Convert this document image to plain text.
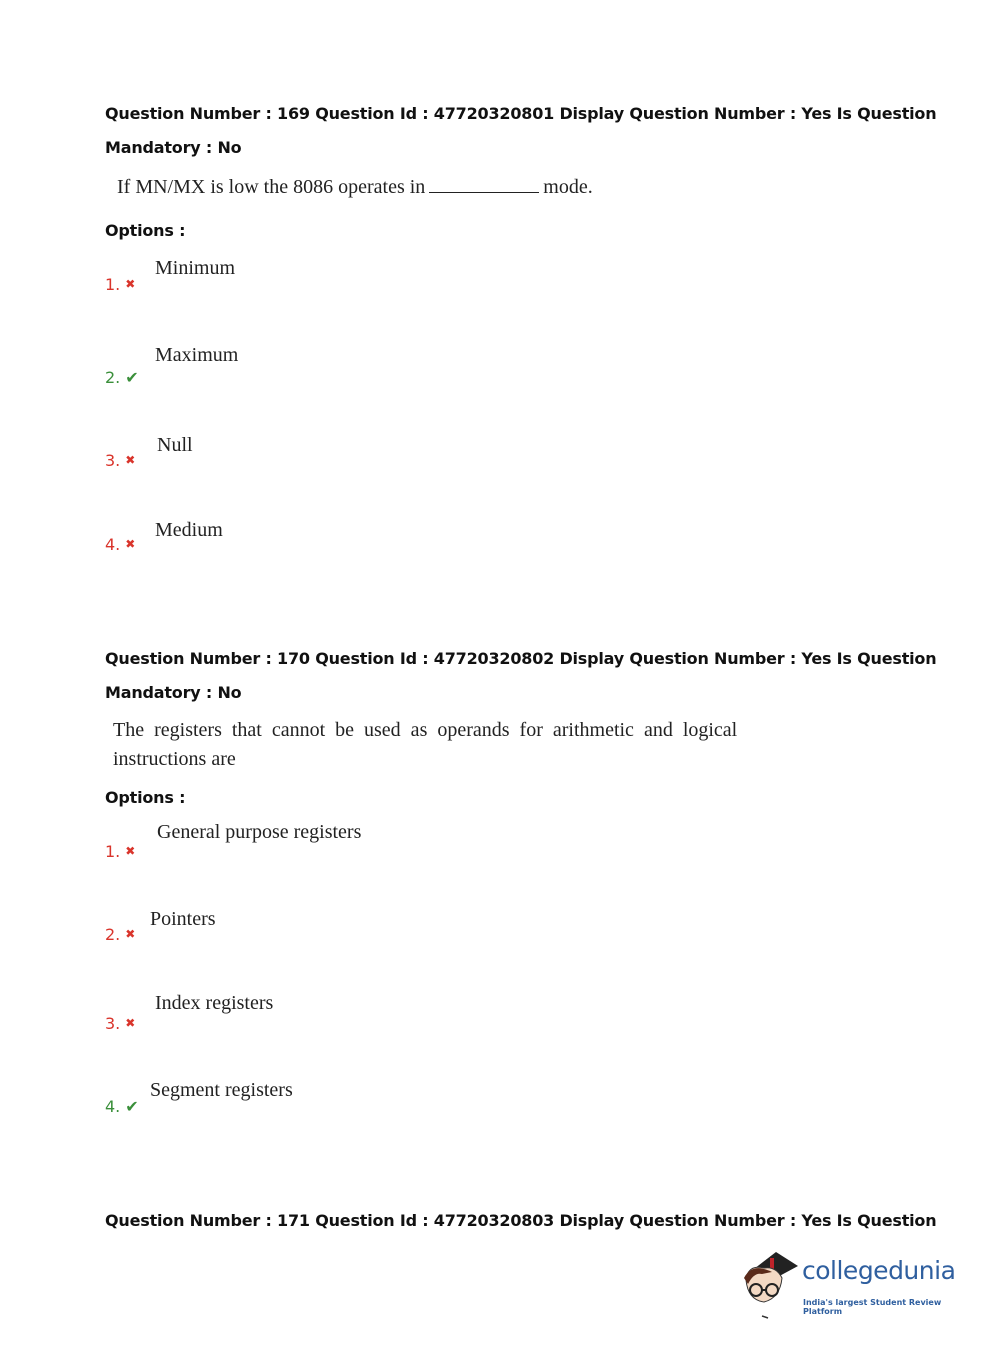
Question Number : 169 Question Id : 47720320801 Display Question Number : Yes Is Question
Mandatory : No
If MN/MX is low the 8086 operates in	mode.
Options :
1. ✖
Minimum
2. ✔
Maximum
3. ✖
Null
4. ✖
Medium
Question Number : 170 Question Id : 47720320802 Display Question Number : Yes Is Question
Mandatory : No
The registers that cannot be used as operands for arithmetic and logical
instructions are
Options :
1. ✖
General purpose registers
2. ✖
Pointers
3. ✖
Index registers
4. ✔
Segment registers
Question Number : 171 Question Id : 47720320803 Display Question Number : Yes Is Question
collegedunia
India's largest Student Review Platform
